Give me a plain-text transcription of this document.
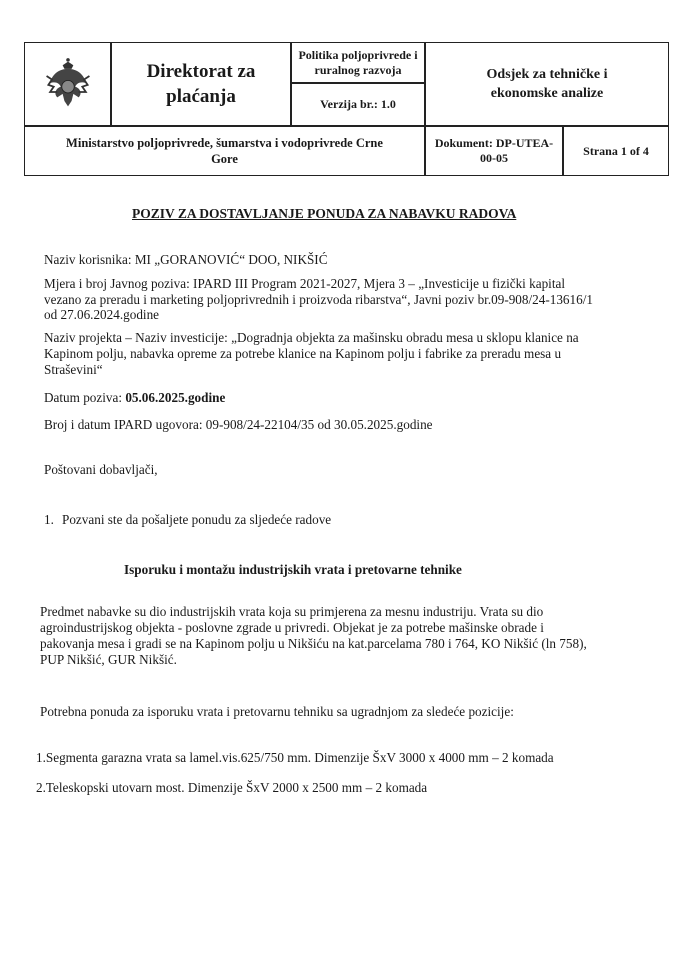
Direktorat za
plaćanja
Politika poljoprivrede i
ruralnog razvoja
Verzija br.: 1.0
Odsjek za tehničke i
ekonomske analize
Ministarstvo poljoprivrede, šumarstva i vodoprivrede Crne
Gore
Dokument: DP-UTEA-
00-05
Strana 1 of 4

POZIV ZA DOSTAVLJANJE PONUDA ZA NABAVKU RADOVA

Naziv korisnika: MI „GORANOVIĆ“ DOO, NIKŠIĆ

Mjera i broj Javnog poziva: IPARD III Program 2021-2027, Mjera 3 – „Investicije u fizički kapital

vezano za preradu i marketing poljoprivrednih i proizvoda ribarstva“, Javni poziv br.09-908/24-13616/1

od 27.06.2024.godine

Naziv projekta – Naziv investicije: „Dogradnja objekta za mašinsku obradu mesa u sklopu klanice na

Kapinom polju, nabavka opreme za potrebe klanice na Kapinom polju i fabrike za preradu mesa u

Straševini“

Datum poziva: 05.06.2025.godine

Broj i datum IPARD ugovora: 09-908/24-22104/35 od 30.05.2025.godine

Poštovani dobavljači,

1. Pozvani ste da pošaljete ponudu za sljedeće radove

Isporuku i montažu industrijskih vrata i pretovarne tehnike

Predmet nabavke su dio industrijskih vrata koja su primjerena za mesnu industriju. Vrata su dio

agroindustrijskog objekta - poslovne zgrade u privredi. Objekat je za potrebe mašinske obrade i

pakovanja mesa i gradi se na Kapinom polju u Nikšiću na kat.parcelama 780 i 764, KO Nikšić (ln 758),

PUP Nikšić, GUR Nikšić.

Potrebna ponuda za isporuku vrata i pretovarnu tehniku sa ugradnjom za sledeće pozicije:

1.Segmenta garazna vrata sa lamel.vis.625/750 mm. Dimenzije ŠxV 3000 x 4000 mm – 2 komada

2.Teleskopski utovarn most. Dimenzije ŠxV 2000 x 2500 mm – 2 komada
